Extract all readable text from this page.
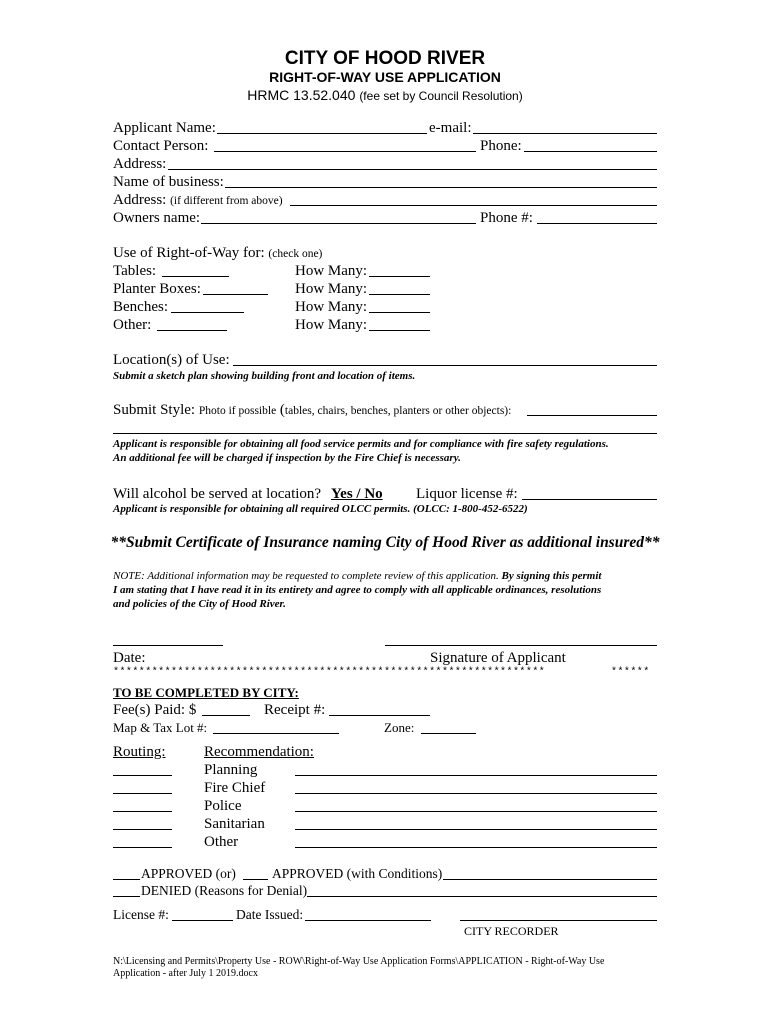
CITY OF HOOD RIVER
RIGHT-OF-WAY USE APPLICATION
HRMC 13.52.040 (fee set by Council Resolution)
Applicant Name:	e-mail:
Contact Person:	Phone:
Address:
Name of business:
Address: (if different from above)
Owners name:	Phone #:
Use of Right-of-Way for: (check one)
Tables:	How Many:
Planter Boxes:	How Many:
Benches:	How Many:
Other:	How Many:
Location(s) of Use:
Submit a sketch plan showing building front and location of items.
Submit Style: Photo if possible (tables, chairs, benches, planters or other objects):
Applicant is responsible for obtaining all food service permits and for compliance with fire safety regulations.
An additional fee will be charged if inspection by the Fire Chief is necessary.
Will alcohol be served at location? Yes / No Liquor license #:
Applicant is responsible for obtaining all required OLCC permits. (OLCC: 1-800-452-6522)
**Submit Certificate of Insurance naming City of Hood River as additional insured**
NOTE: Additional information may be requested to complete review of this application. By signing this permit
I am stating that I have read it in its entirety and agree to comply with all applicable ordinances, resolutions
and policies of the City of Hood River.
Date:	Signature of Applicant
*******************************************************************	******
TO BE COMPLETED BY CITY:
Fee(s) Paid: $	Receipt #:
Map & Tax Lot #:	Zone:
Routing:	Recommendation:
Planning
Fire Chief
Police
Sanitarian
Other
APPROVED (or)	APPROVED (with Conditions)
DENIED (Reasons for Denial)
License #:	Date Issued:
CITY RECORDER
N:\Licensing and Permits\Property Use - ROW\Right-of-Way Use Application Forms\APPLICATION - Right-of-Way Use
Application - after July 1 2019.docx
